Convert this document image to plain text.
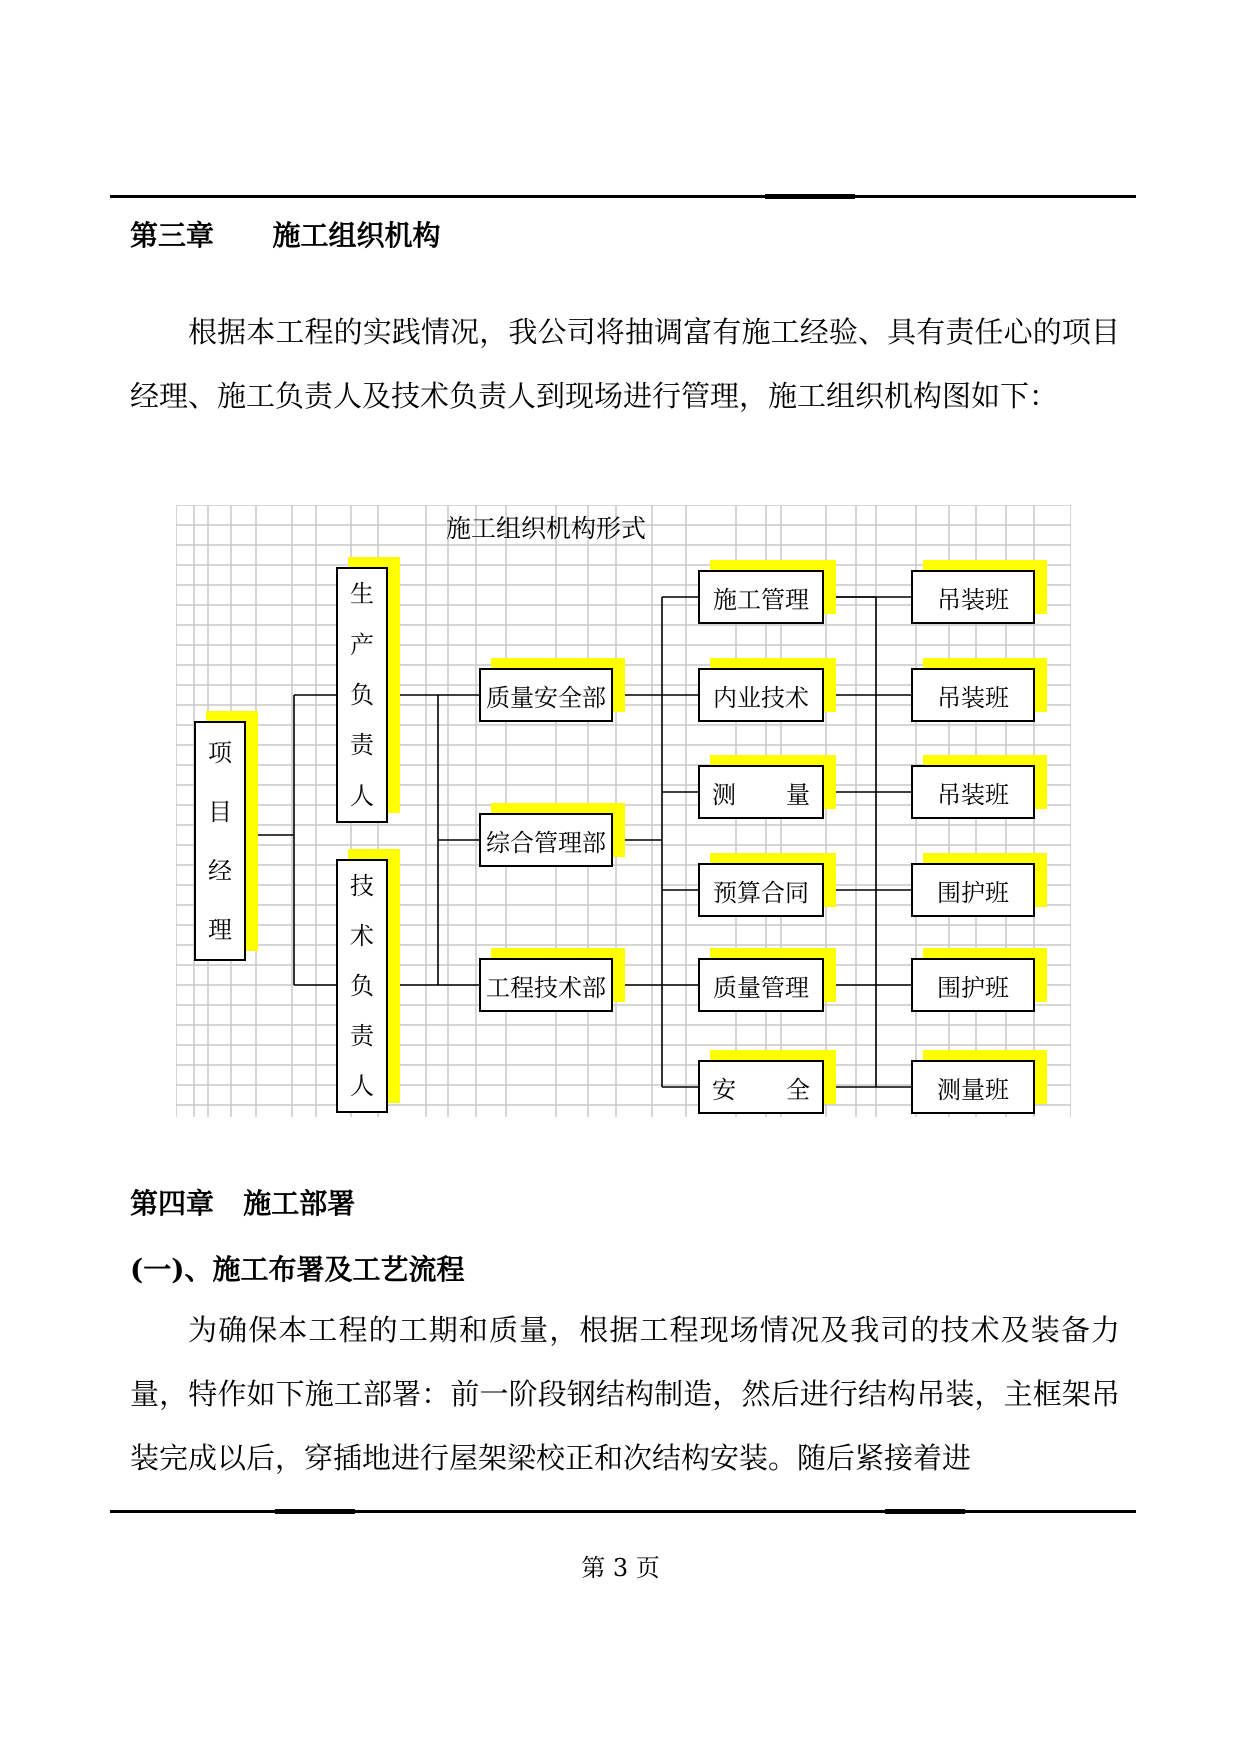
第三章 施工组织机构
根据本工程的实践情况，我公司将抽调富有施工经验、具有责任心的项目经理、施工负责人及技术负责人到现场进行管理，施工组织机构图如下：
施工组织机构形式
项
目
经
理
生
产
负
责
人
技
术
负
责
人
质量安全部
综合管理部
工程技术部
施工管理
内业技术
测 量
预算合同
质量管理
安 全
吊装班
吊装班
吊装班
围护班
围护班
测量班
第四章 施工部署
(一)、施工布署及工艺流程
为确保本工程的工期和质量，根据工程现场情况及我司的技术及装备力量，特作如下施工部署：前一阶段钢结构制造，然后进行结构吊装，主框架吊装完成以后，穿插地进行屋架梁校正和次结构安装。随后紧接着进
第 3 页
